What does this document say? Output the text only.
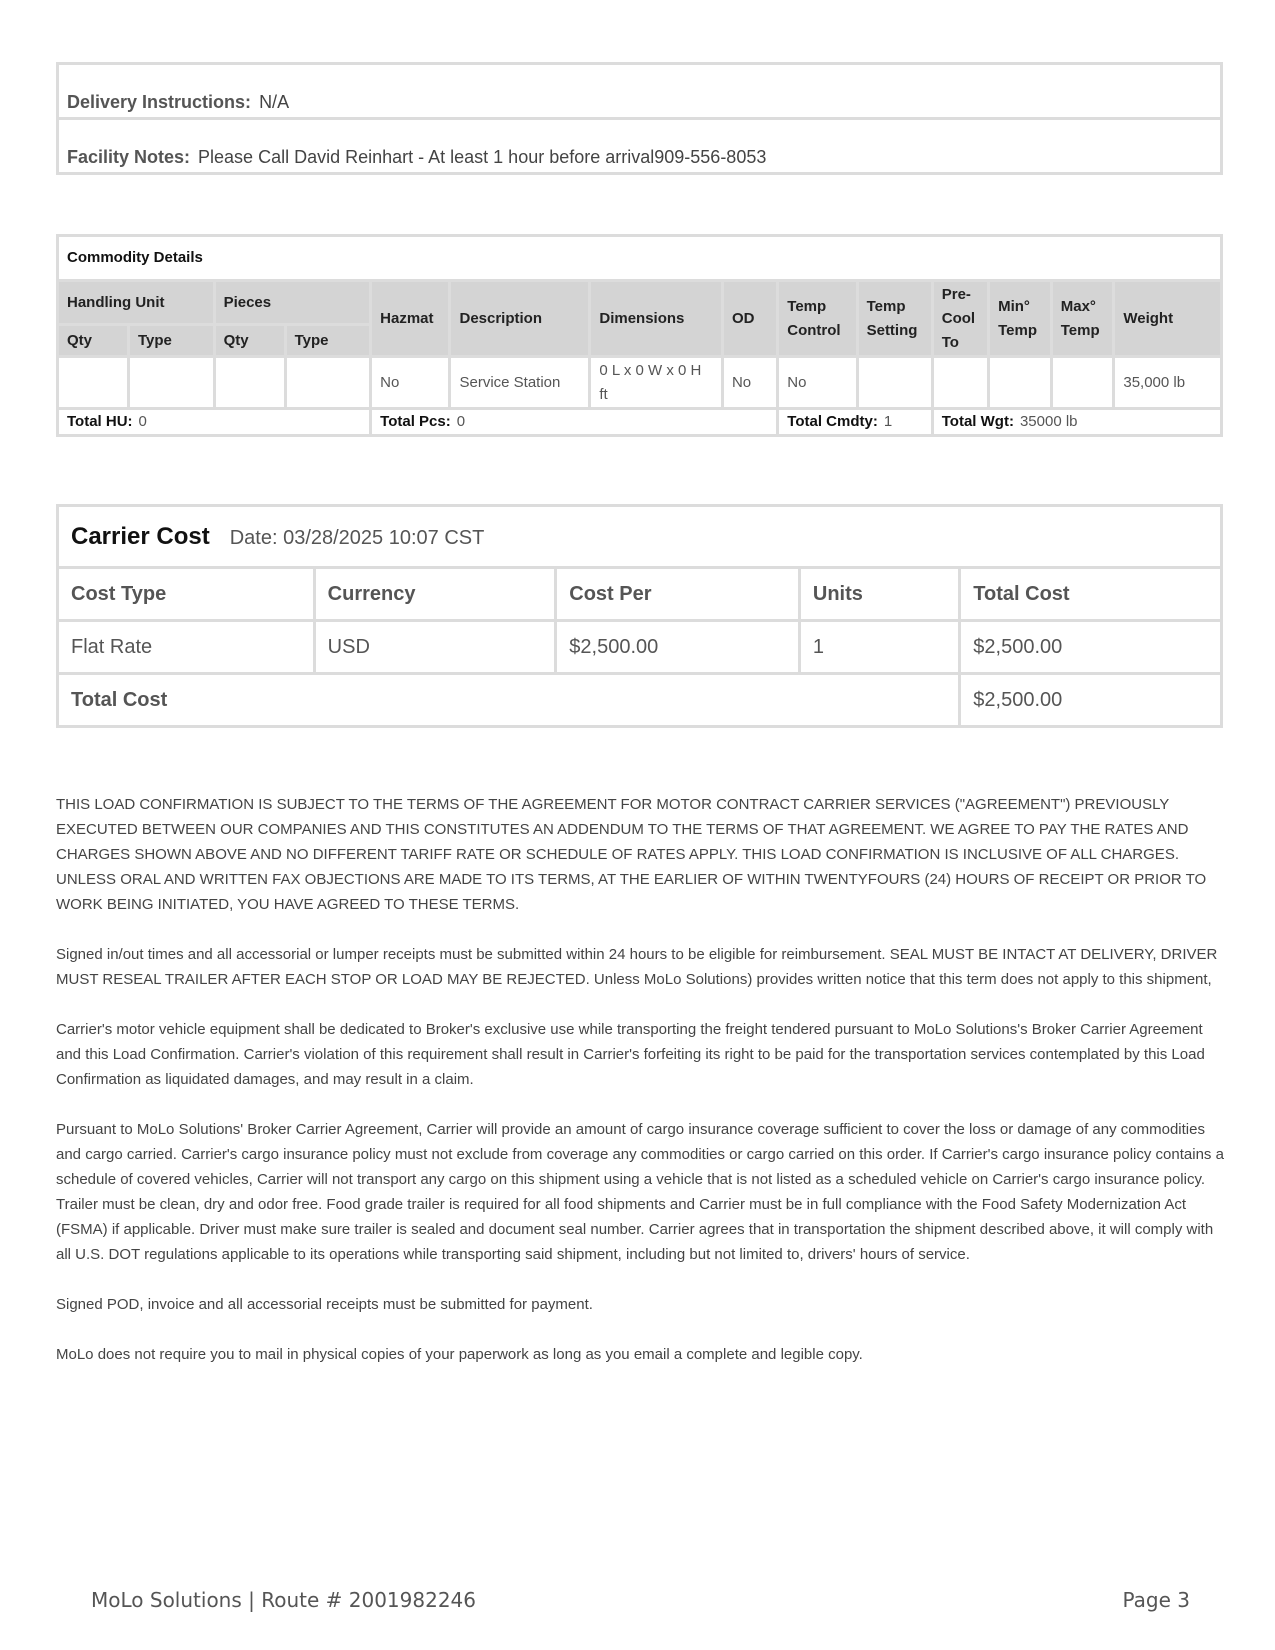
Delivery Instructions: N/A
Facility Notes: Please Call David Reinhart - At least 1 hour before arrival909-556-8053
Commodity Details													
Handling Unit		Pieces		Hazmat	Description	Dimensions	OD	Temp Control	Temp Setting	Pre-Cool To	Min° Temp	Max° Temp	Weight
Qty	Type	Qty	Type										
				No	Service Station	0 L x 0 W x 0 H ft	No	No					35,000 lb
Total HU: 0				Total Pcs: 0				Total Cmdty: 1		Total Wgt: 35000 lb			
Carrier Cost Date: 03/28/2025 10:07 CST				
Cost Type	Currency	Cost Per	Units	Total Cost
Flat Rate	USD	$2,500.00	1	$2,500.00
Total Cost				$2,500.00

THIS LOAD CONFIRMATION IS SUBJECT TO THE TERMS OF THE AGREEMENT FOR MOTOR CONTRACT CARRIER SERVICES ("AGREEMENT") PREVIOUSLY EXECUTED BETWEEN OUR COMPANIES AND THIS CONSTITUTES AN ADDENDUM TO THE TERMS OF THAT AGREEMENT. WE AGREE TO PAY THE RATES AND CHARGES SHOWN ABOVE AND NO DIFFERENT TARIFF RATE OR SCHEDULE OF RATES APPLY. THIS LOAD CONFIRMATION IS INCLUSIVE OF ALL CHARGES. UNLESS ORAL AND WRITTEN FAX OBJECTIONS ARE MADE TO ITS TERMS, AT THE EARLIER OF WITHIN TWENTYFOURS (24) HOURS OF RECEIPT OR PRIOR TO WORK BEING INITIATED, YOU HAVE AGREED TO THESE TERMS.

Signed in/out times and all accessorial or lumper receipts must be submitted within 24 hours to be eligible for reimbursement. SEAL MUST BE INTACT AT DELIVERY, DRIVER MUST RESEAL TRAILER AFTER EACH STOP OR LOAD MAY BE REJECTED. Unless MoLo Solutions) provides written notice that this term does not apply to this shipment,

Carrier's motor vehicle equipment shall be dedicated to Broker's exclusive use while transporting the freight tendered pursuant to MoLo Solutions's Broker Carrier Agreement and this Load Confirmation. Carrier's violation of this requirement shall result in Carrier's forfeiting its right to be paid for the transportation services contemplated by this Load Confirmation as liquidated damages, and may result in a claim.

Pursuant to MoLo Solutions' Broker Carrier Agreement, Carrier will provide an amount of cargo insurance coverage sufficient to cover the loss or damage of any commodities and cargo carried. Carrier's cargo insurance policy must not exclude from coverage any commodities or cargo carried on this order. If Carrier's cargo insurance policy contains a schedule of covered vehicles, Carrier will not transport any cargo on this shipment using a vehicle that is not listed as a scheduled vehicle on Carrier's cargo insurance policy. Trailer must be clean, dry and odor free. Food grade trailer is required for all food shipments and Carrier must be in full compliance with the Food Safety Modernization Act (FSMA) if applicable. Driver must make sure trailer is sealed and document seal number. Carrier agrees that in transportation the shipment described above, it will comply with all U.S. DOT regulations applicable to its operations while transporting said shipment, including but not limited to, drivers' hours of service.

Signed POD, invoice and all accessorial receipts must be submitted for payment.

MoLo does not require you to mail in physical copies of your paperwork as long as you email a complete and legible copy.

MoLo Solutions | Route # 2001982246	Page 3
